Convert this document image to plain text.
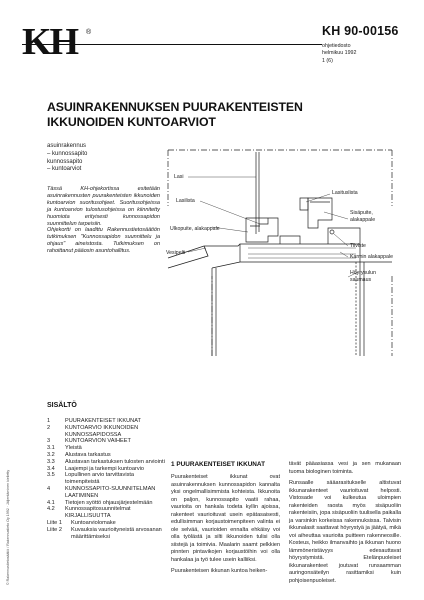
KH ®	KH 90-00156
ohjetiedosto
helmikuu 1992
1 (6)
ASUINRAKENNUKSEN PUURAKENTEISTEN
IKKUNOIDEN KUNTOARVIOT
asuinrakennus
– kunnossapito
kunnossapito
– kuntoarviot

Tässä KH-ohjekortissa esitetään asuinrakennusten puurakenteisten ikkunoiden kuntoarvion suoritusohjeet. Suoritusohjeissa ja kuntoarvion tulostusohjeissa on kiinnitetty huomiota erityisesti kunnossapidon suunnittelun tarpeisiin.

Ohjekortti on laadittu Rakennustietosäätiön tutkimuksen "Kunnossapidon suunnittelu ja ohjaus" aineistosta. Tutkimuksen on rahoittanut pääosin asuntohallitus.

Lasi
Lasilista
Ulkopuite, alakappale
Vesipelti
Lasituslista
Sisäpuite,
alakappale
Tiiviste
Karmin alakappale
Höyrysulun
saumaus
© Rakennustietosäätiö / Rakennustieto Oy 1992 · Jäljentäminen kielletty
SISÄLTÖ
1	PUURAKENTEISET IKKUNAT
2	KUNTOARVIO IKKUNOIDEN KUNNOSSAPIDOSSA
3	KUNTOARVION VAIHEET
3.1	Yleistä
3.2	Alustava tarkastus
3.3	Alustavan tarkastuksen tulosten arviointi
3.4	Laajempi ja tarkempi kuntoarvio
3.5	Lopullinen arvio tarvittavista toimenpiteistä
4	KUNNOSSAPITO-SUUNNITELMAN LAATIMINEN
4.1	Tietojen syöttö ohjausjärjestelmään
4.2	Kunnossapitosuunnitelmat
KIRJALLISUUTTA
Liite 1	Kuntoarviolomake
Liite 2	Kuvauksia vaurioityneistä arvosanan määrittämiseksi
1 PUURAKENTEISET IKKUNAT

Puurakenteiset ikkunat ovat asuinrakennuksen kunnossapidon kannalta yksi ongelmallisimmista kohteista. Ikkunoita on paljon, kunnossapito vaatii rahaa, vaurioita on hankala todeta kyllin ajoissa, rakenteet vaurioituvat usein epätasaisesti, edullisimman korjaustoimenpiteen valinta ei ole selvää, vaurioiden ennalta ehkäisy voi olla työlästä ja silti ikkunoiden tulisi olla siistejä ja toimivia. Maalarin saamt pelkkien pinnten pintavikojen korjaustöihin voi olla hankalaa ja työ tulee usein kalliiksi.

Puurakenteisen ikkunan kuntoa heiken-

tävät pääasiassa vesi ja sen mukanaan tuoma biologinen toiminta.

Runsaalle sääarasitukselle altistuvat ikkunarakenteet vaurioituvat helposti. Vistosade voi kulkeutua uloimpien rakenteiden raosta myös sisäpuoliin rakenteisiin, jopa sisäpuoliin tuulisella paikalla ja varsinkin korkeissa rakennuksissa. Talvisin ikkunalasit saattavat höyrystyä ja jäätyä, mikä voi aiheuttaa vaurioita puitteen rakenneosille. Kosteus, heikko ilmanvaihto ja ikkunan huono lämmöneristävyys edesauttavat höyrystymistä. Etelänpuoleiset ikkunarakenteet joutuvat runsaamman auringonsäteilyn rasittamiksi kuin pohjoisenpuoleiset.
